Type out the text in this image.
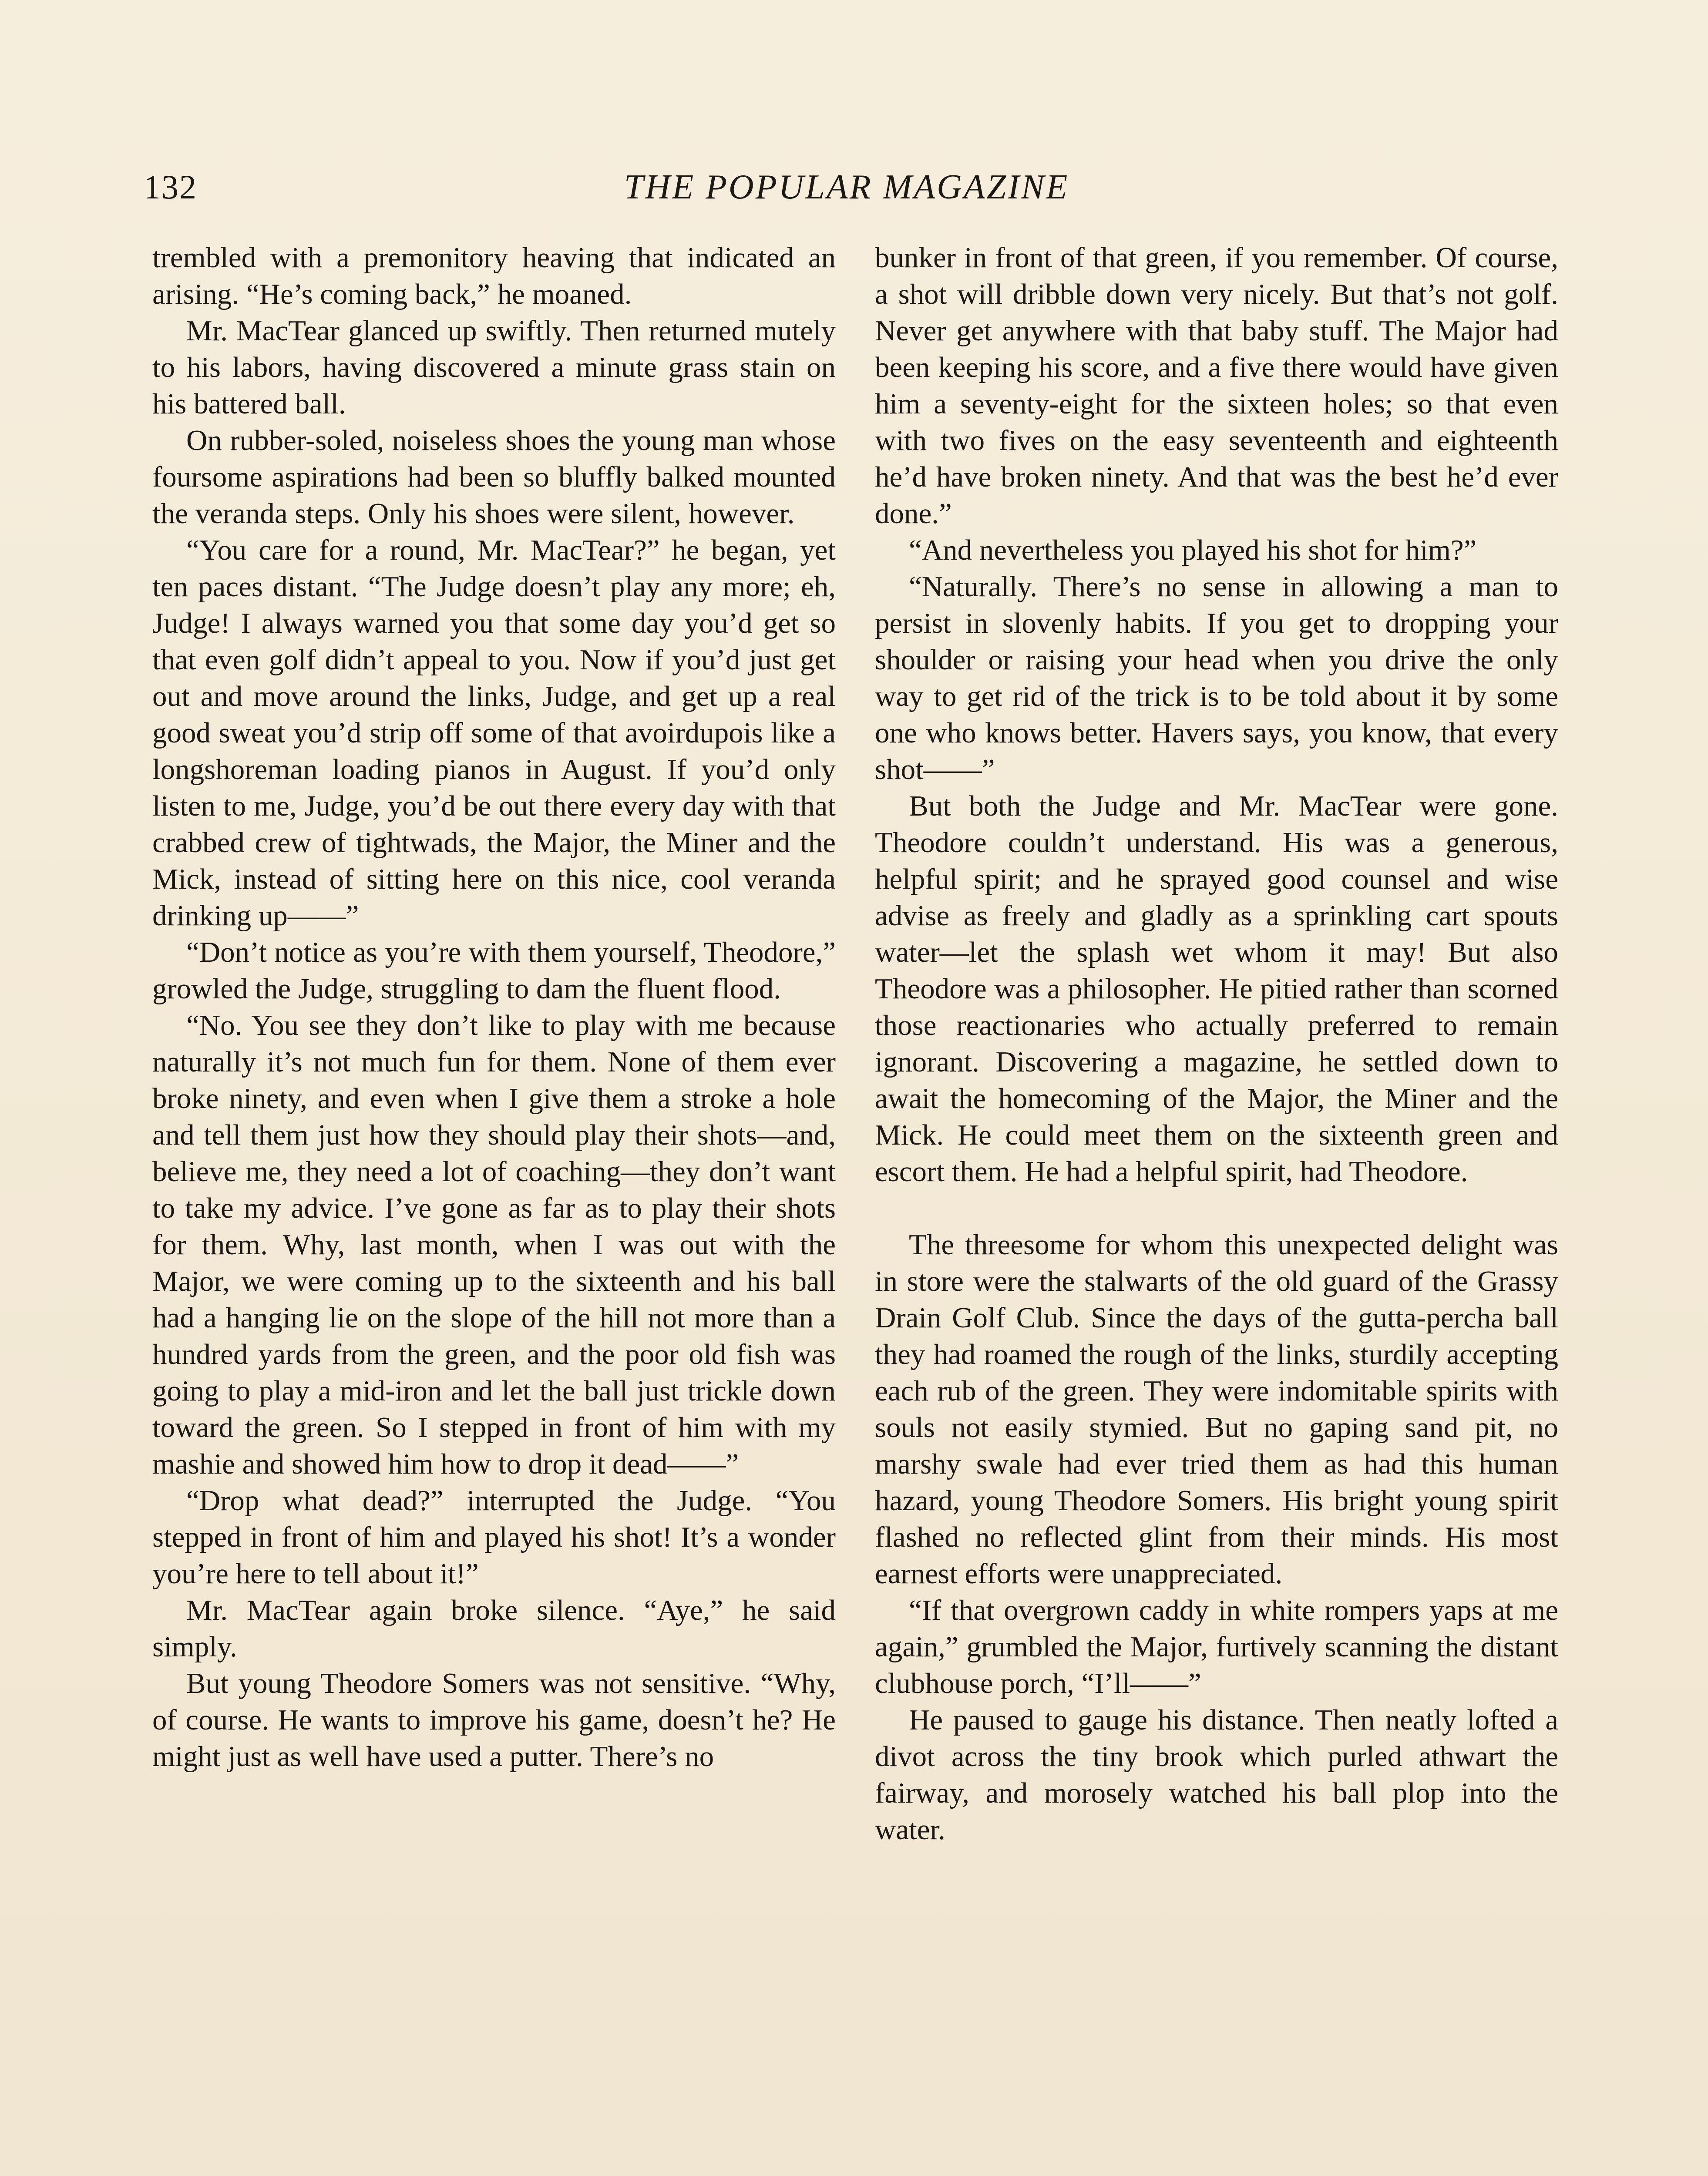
132	THE POPULAR MAGAZINE

trembled with a premonitory heaving that indicated an arising. “He’s coming back,” he moaned.

Mr. MacTear glanced up swiftly. Then returned mutely to his labors, having discovered a minute grass stain on his battered ball.

On rubber-soled, noiseless shoes the young man whose foursome aspirations had been so bluffly balked mounted the veranda steps. Only his shoes were silent, however.

“You care for a round, Mr. MacTear?” he began, yet ten paces distant. “The Judge doesn’t play any more; eh, Judge! I always warned you that some day you’d get so that even golf didn’t appeal to you. Now if you’d just get out and move around the links, Judge, and get up a real good sweat you’d strip off some of that avoirdupois like a longshoreman loading pianos in August. If you’d only listen to me, Judge, you’d be out there every day with that crabbed crew of tightwads, the Major, the Miner and the Mick, instead of sitting here on this nice, cool veranda drinking up——”

“Don’t notice as you’re with them yourself, Theodore,” growled the Judge, struggling to dam the fluent flood.

“No. You see they don’t like to play with me because naturally it’s not much fun for them. None of them ever broke ninety, and even when I give them a stroke a hole and tell them just how they should play their shots—and, believe me, they need a lot of coaching—they don’t want to take my advice. I’ve gone as far as to play their shots for them. Why, last month, when I was out with the Major, we were coming up to the sixteenth and his ball had a hanging lie on the slope of the hill not more than a hundred yards from the green, and the poor old fish was going to play a mid-iron and let the ball just trickle down toward the green. So I stepped in front of him with my mashie and showed him how to drop it dead——”

“Drop what dead?” interrupted the Judge. “You stepped in front of him and played his shot! It’s a wonder you’re here to tell about it!”

Mr. MacTear again broke silence. “Aye,” he said simply.

But young Theodore Somers was not sensitive. “Why, of course. He wants to improve his game, doesn’t he? He might just as well have used a putter. There’s no

bunker in front of that green, if you remember. Of course, a shot will dribble down very nicely. But that’s not golf. Never get anywhere with that baby stuff. The Major had been keeping his score, and a five there would have given him a seventy-eight for the sixteen holes; so that even with two fives on the easy seventeenth and eighteenth he’d have broken ninety. And that was the best he’d ever done.”

“And nevertheless you played his shot for him?”

“Naturally. There’s no sense in allowing a man to persist in slovenly habits. If you get to dropping your shoulder or raising your head when you drive the only way to get rid of the trick is to be told about it by some one who knows better. Havers says, you know, that every shot——”

But both the Judge and Mr. MacTear were gone. Theodore couldn’t understand. His was a generous, helpful spirit; and he sprayed good counsel and wise advise as freely and gladly as a sprinkling cart spouts water—let the splash wet whom it may! But also Theodore was a philosopher. He pitied rather than scorned those reactionaries who actually preferred to remain ignorant. Discovering a magazine, he settled down to await the homecoming of the Major, the Miner and the Mick. He could meet them on the sixteenth green and escort them. He had a helpful spirit, had Theodore.

The threesome for whom this unexpected delight was in store were the stalwarts of the old guard of the Grassy Drain Golf Club. Since the days of the gutta-percha ball they had roamed the rough of the links, sturdily accepting each rub of the green. They were indomitable spirits with souls not easily stymied. But no gaping sand pit, no marshy swale had ever tried them as had this human hazard, young Theodore Somers. His bright young spirit flashed no reflected glint from their minds. His most earnest efforts were unappreciated.

“If that overgrown caddy in white rompers yaps at me again,” grumbled the Major, furtively scanning the distant clubhouse porch, “I’ll——”

He paused to gauge his distance. Then neatly lofted a divot across the tiny brook which purled athwart the fairway, and morosely watched his ball plop into the water.
